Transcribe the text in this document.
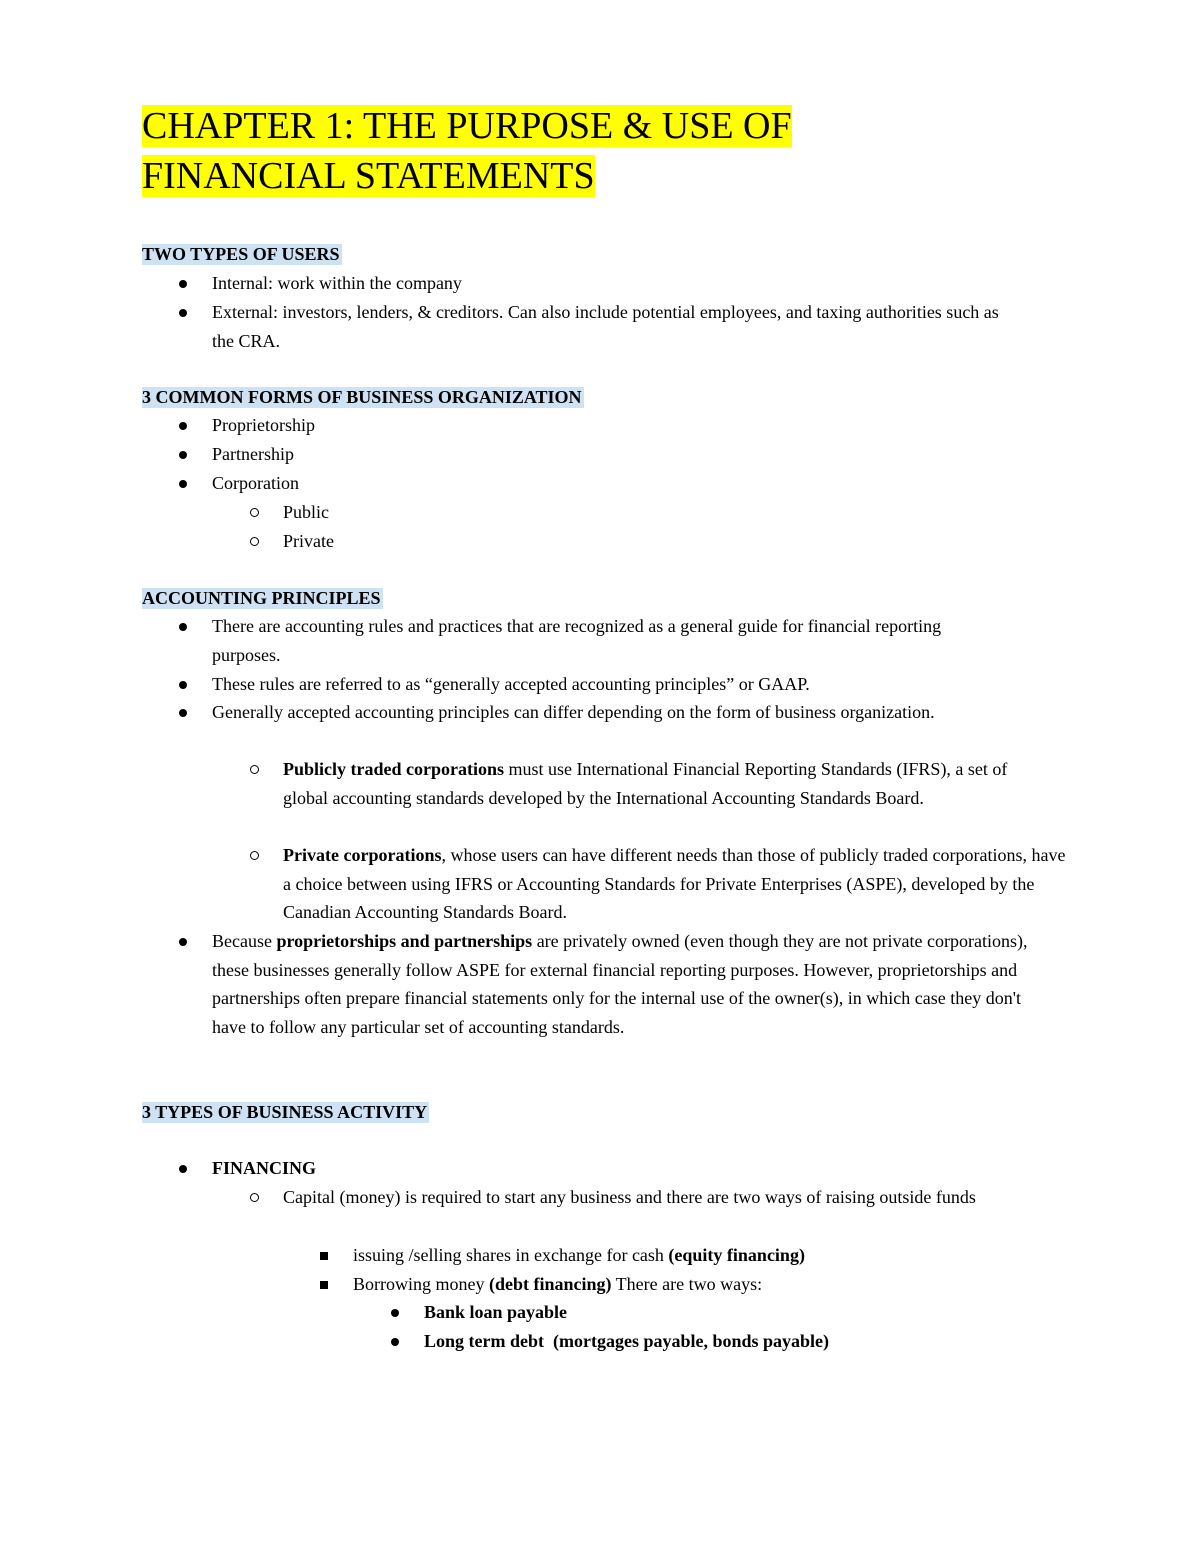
CHAPTER 1: THE PURPOSE & USE OF
FINANCIAL STATEMENTS
TWO TYPES OF USERS

Internal: work within the company

External: investors, lenders, & creditors. Can also include potential employees, and taxing authorities such as the CRA.

3 COMMON FORMS OF BUSINESS ORGANIZATION

Proprietorship

Partnership

Corporation

Public

Private

ACCOUNTING PRINCIPLES

There are accounting rules and practices that are recognized as a general guide for financial reporting purposes.

These rules are referred to as “generally accepted accounting principles” or GAAP.

Generally accepted accounting principles can differ depending on the form of business organization.

Publicly traded corporations must use International Financial Reporting Standards (IFRS), a set of global accounting standards developed by the International Accounting Standards Board.

Private corporations, whose users can have different needs than those of publicly traded corporations, have a choice between using IFRS or Accounting Standards for Private Enterprises (ASPE), developed by the Canadian Accounting Standards Board.

Because proprietorships and partnerships are privately owned (even though they are not private corporations), these businesses generally follow ASPE for external financial reporting purposes. However, proprietorships and partnerships often prepare financial statements only for the internal use of the owner(s), in which case they don't have to follow any particular set of accounting standards.

3 TYPES OF BUSINESS ACTIVITY

FINANCING

Capital (money) is required to start any business and there are two ways of raising outside funds

issuing /selling shares in exchange for cash (equity financing)

Borrowing money (debt financing) There are two ways:

Bank loan payable

Long term debt  (mortgages payable, bonds payable)
